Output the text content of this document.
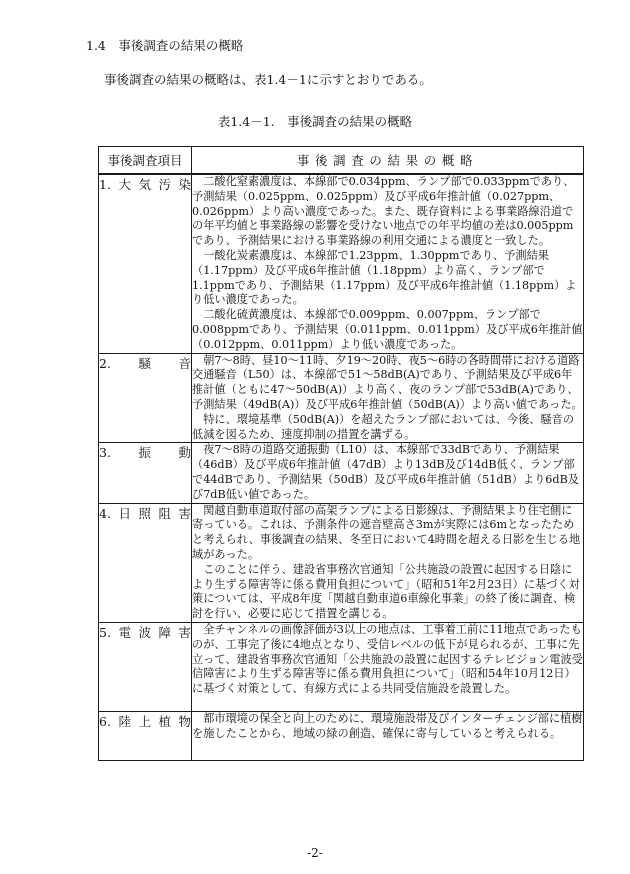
1.4　事後調査の結果の概略
事後調査の結果の概略は、表1.4－1に示すとおりである。
表1.4－1.　事後調査の結果の概略
事後調査項目	事後調査の結果の概略
1.大気汚染	二酸化窒素濃度は、本線部で0.034ppm、ランプ部で0.033ppmであり、予測結果（0.025ppm、0.025ppm）及び平成6年推計値（0.027ppm、0.026ppm）より高い濃度であった。また、既存資料による事業路線沿道での年平均値と事業路線の影響を受けない地点での年平均値の差は0.005ppmであり、予測結果における事業路線の利用交通による濃度と一致した。

一酸化炭素濃度は、本線部で1.23ppm、1.30ppmであり、予測結果（1.17ppm）及び平成6年推計値（1.18ppm）より高く、ランプ部で1.1ppmであり、予測結果（1.17ppm）及び平成6年推計値（1.18ppm）より低い濃度であった。

二酸化硫黄濃度は、本線部で0.009ppm、0.007ppm、ランプ部で0.008ppmであり、予測結果（0.011ppm、0.011ppm）及び平成6年推計値（0.012ppm、0.011ppm）より低い濃度であった。

2.騒音	朝7～8時、昼10～11時、夕19～20時、夜5～6時の各時間帯における道路交通騒音（L50）は、本線部で51～58dB(A)であり、予測結果及び平成6年推計値（ともに47～50dB(A)）より高く、夜のランプ部で53dB(A)であり、予測結果（49dB(A)）及び平成6年推計値（50dB(A)）より高い値であった。

特に、環境基準（50dB(A)）を超えたランプ部においては、今後、騒音の低減を図るため、速度抑制の措置を講ずる。

3.振動	夜7～8時の道路交通振動（L10）は、本線部で33dBであり、予測結果（46dB）及び平成6年推計値（47dB）より13dB及び14dB低く、ランプ部で44dBであり、予測結果（50dB）及び平成6年推計値（51dB）より6dB及び7dB低い値であった。

4.日照阻害	関越自動車道取付部の高架ランプによる日影線は、予測結果より住宅側に寄っている。これは、予測条件の遮音壁高さ3mが実際には6mとなったためと考えられ、事後調査の結果、冬至日において4時間を超える日影を生じる地域があった。

このことに伴う、建設省事務次官通知「公共施設の設置に起因する日陰により生ずる障害等に係る費用負担について」（昭和51年2月23日）に基づく対策については、平成8年度「関越自動車道6車線化事業」の終了後に調査、検討を行い、必要に応じて措置を講じる。

5.電波障害	全チャンネルの画像評価が3以上の地点は、工事着工前に11地点であったものが、工事完了後に4地点となり、受信レベルの低下が見られるが、工事に先立って、建設省事務次官通知「公共施設の設置に起因するテレビジョン電波受信障害により生ずる障害等に係る費用負担について」（昭和54年10月12日）に基づく対策として、有線方式による共同受信施設を設置した。

6.陸上植物	都市環境の保全と向上のために、環境施設帯及びインターチェンジ部に植樹を施したことから、地域の緑の創造、確保に寄与していると考えられる。

-2-
